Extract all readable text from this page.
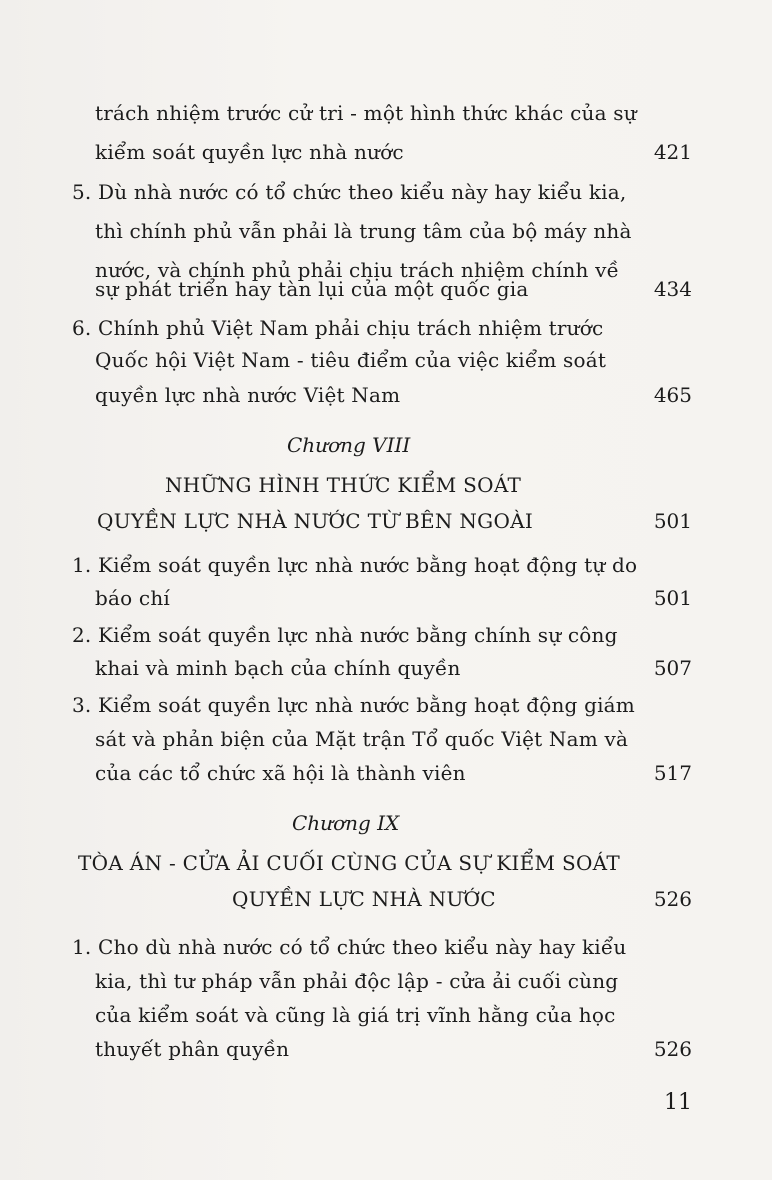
trách nhiệm trước cử tri - một hình thức khác của sự
kiểm soát quyền lực nhà nước	421
5. Dù nhà nước có tổ chức theo kiểu này hay kiểu kia,
thì chính phủ vẫn phải là trung tâm của bộ máy nhà
nước, và chính phủ phải chịu trách nhiệm chính về
sự phát triển hay tàn lụi của một quốc gia	434
6. Chính phủ Việt Nam phải chịu trách nhiệm trước
Quốc hội Việt Nam - tiêu điểm của việc kiểm soát
quyền lực nhà nước Việt Nam	465
Chương VIII
NHỮNG HÌNH THỨC KIỂM SOÁT
QUYỀN LỰC NHÀ NƯỚC TỪ BÊN NGOÀI	501
1. Kiểm soát quyền lực nhà nước bằng hoạt động tự do
báo chí	501
2. Kiểm soát quyền lực nhà nước bằng chính sự công
khai và minh bạch của chính quyền	507
3. Kiểm soát quyền lực nhà nước bằng hoạt động giám
sát và phản biện của Mặt trận Tổ quốc Việt Nam và
của các tổ chức xã hội là thành viên	517
Chương IX
TÒA ÁN - CỬA ẢI CUỐI CÙNG CỦA SỰ KIỂM SOÁT
QUYỀN LỰC NHÀ NƯỚC	526
1. Cho dù nhà nước có tổ chức theo kiểu này hay kiểu
kia, thì tư pháp vẫn phải độc lập - cửa ải cuối cùng
của kiểm soát và cũng là giá trị vĩnh hằng của học
thuyết phân quyền	526
11
